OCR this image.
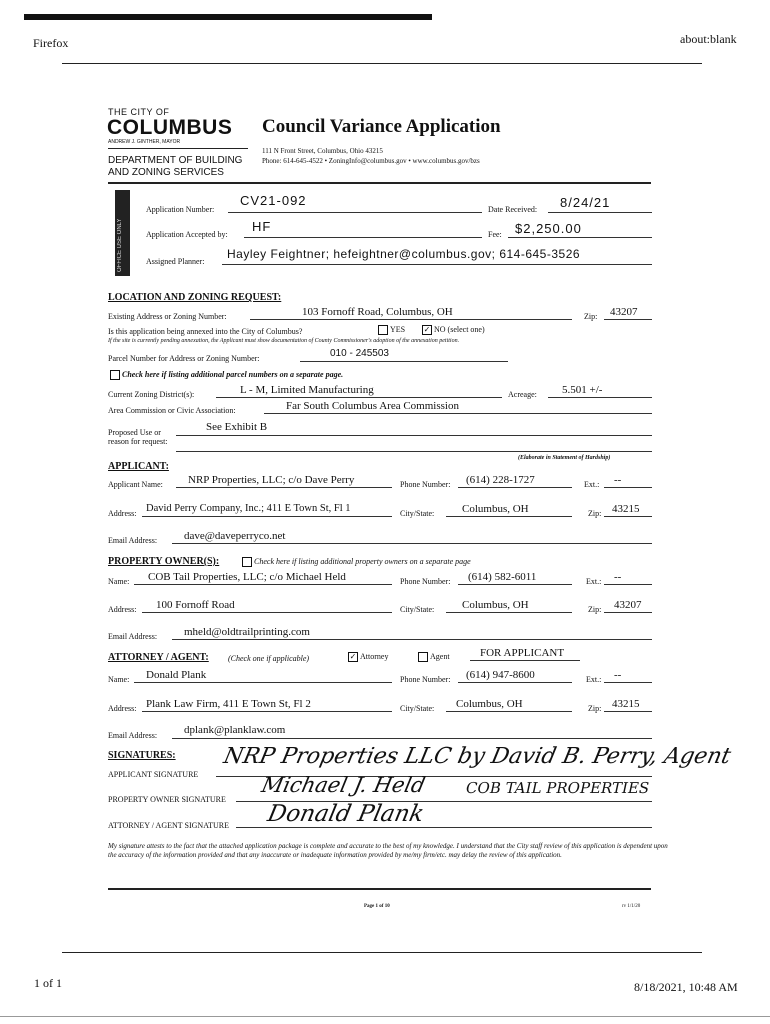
Firefox	about:blank
1 of 1	8/18/2021, 10:48 AM
THE CITY OF
COLUMBUS
ANDREW J. GINTHER, MAYOR
DEPARTMENT OF BUILDING AND ZONING SERVICES
Council Variance Application
111 N Front Street, Columbus, Ohio 43215
Phone: 614-645-4522 • ZoningInfo@columbus.gov • www.columbus.gov/bzs
OFFICE USE ONLY
Application Number:
CV21-092
Date Received: 8/24/21
Application Accepted by:
HF
Fee: $2,250.00
Assigned Planner:
Hayley Feightner; hefeightner@columbus.gov; 614-645-3526
LOCATION AND ZONING REQUEST:
Existing Address or Zoning Number:	103 Fornoff Road, Columbus, OH	Zip: 43207
Is this application being annexed into the City of Columbus?	YES	✓ NO (select one)
If the site is currently pending annexation, the Applicant must show documentation of County Commissioner's adoption of the annexation petition.
Parcel Number for Address or Zoning Number:	010 - 245503
Check here if listing additional parcel numbers on a separate page.
Current Zoning District(s):	L - M, Limited Manufacturing	Acreage: 5.501 +/-
Area Commission or Civic Association:	Far South Columbus Area Commission
Proposed Use or
reason for request:
See Exhibit B
(Elaborate in Statement of Hardship)
APPLICANT:
Applicant Name: NRP Properties, LLC; c/o Dave Perry	Phone Number: (614) 228-1727	Ext.: --
Address: David Perry Company, Inc.; 411 E Town St, Fl 1	City/State:	Columbus, OH	Zip: 43215
Email Address: dave@daveperryco.net
PROPERTY OWNER(S):	Check here if listing additional property owners on a separate page
Name: COB Tail Properties, LLC; c/o Michael Held	Phone Number: (614) 582-6011	Ext.: --
Address: 100 Fornoff Road	City/State:	Columbus, OH	Zip: 43207
Email Address: mheld@oldtrailprinting.com
ATTORNEY / AGENT: (Check one if applicable)	✓ Attorney	Agent	FOR APPLICANT
Name: Donald Plank	Phone Number: (614) 947-8600	Ext.: --
Address: Plank Law Firm, 411 E Town St, Fl 2	City/State: Columbus, OH	Zip: 43215
Email Address: dplank@planklaw.com
SIGNATURES:
APPLICANT SIGNATURE
NRP Properties LLC by David B. Perry, Agent
PROPERTY OWNER SIGNATURE
Michael J. Held COB TAIL PROPERTIES
ATTORNEY / AGENT SIGNATURE Donald Plank
My signature attests to the fact that the attached application package is complete and accurate to the best of my knowledge. I understand that the City staff review of this application is dependent upon the accuracy of the information provided and that any inaccurate or inadequate information provided by me/my firm/etc. may delay the review of this application.
Page 1 of 10	rv 1/1/20
